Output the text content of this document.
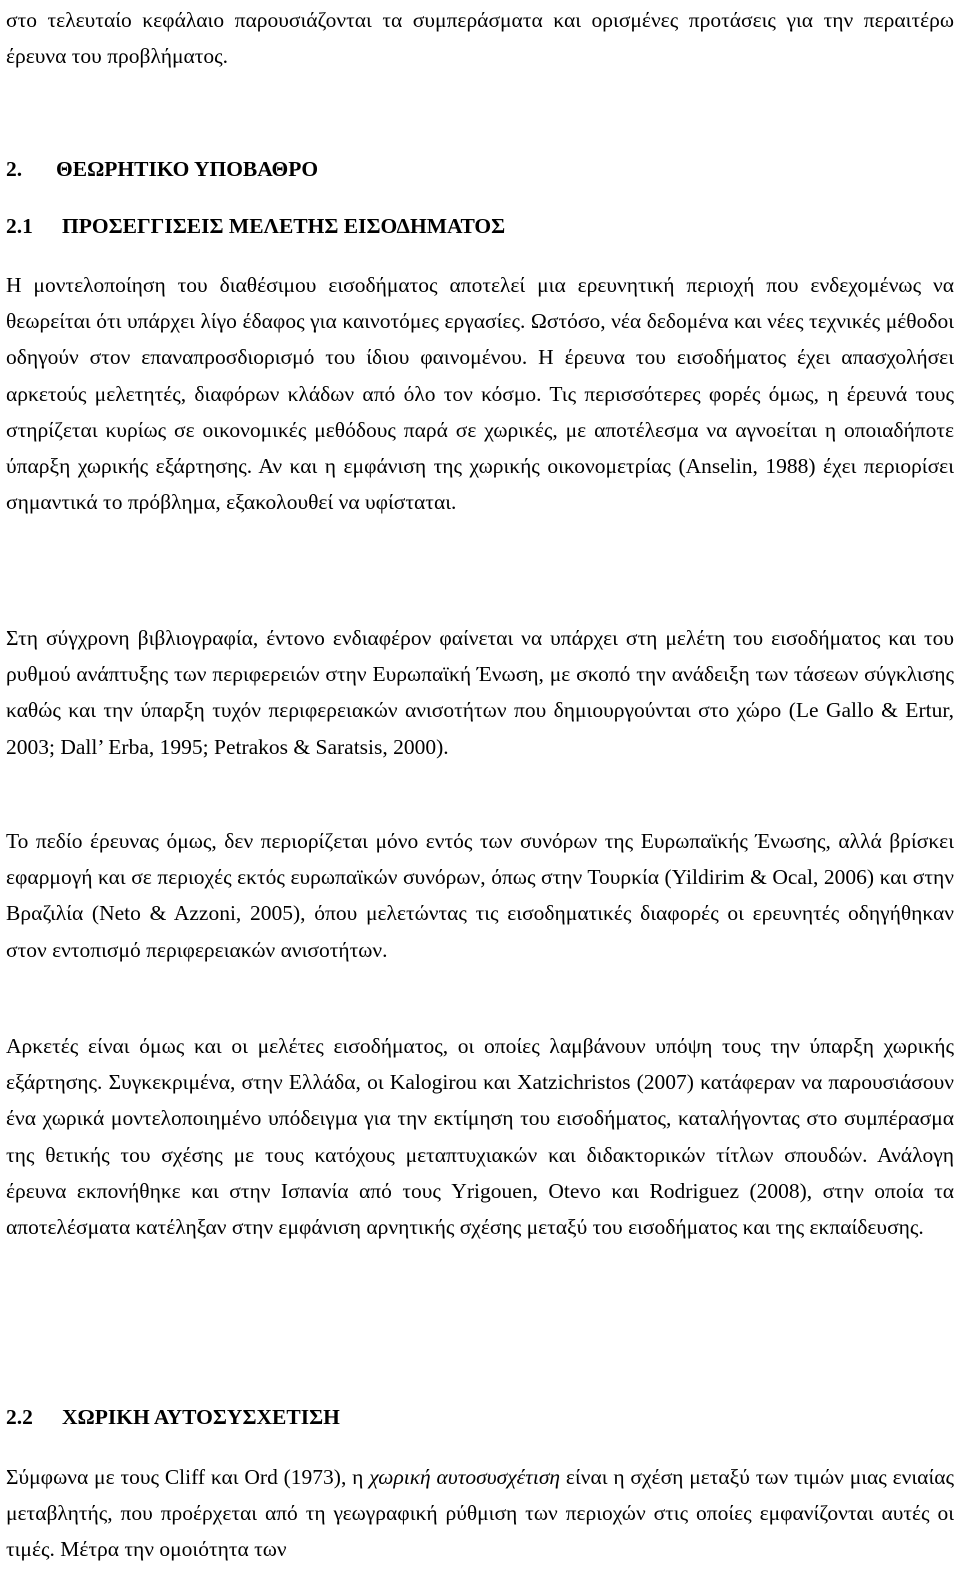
στο τελευταίο κεφάλαιο παρουσιάζονται τα συμπεράσματα και ορισμένες προτάσεις για την περαιτέρω έρευνα του προβλήματος.

2. ΘΕΩΡΗΤΙΚΟ ΥΠΟΒΑΘΡΟ
2.1 ΠΡΟΣΕΓΓΙΣΕΙΣ ΜΕΛΕΤΗΣ ΕΙΣΟΔΗΜΑΤΟΣ

Η μοντελοποίηση του διαθέσιμου εισοδήματος αποτελεί μια ερευνητική περιοχή που ενδεχομένως να θεωρείται ότι υπάρχει λίγο έδαφος για καινοτόμες εργασίες. Ωστόσο, νέα δεδομένα και νέες τεχνικές μέθοδοι οδηγούν στον επαναπροσδιορισμό του ίδιου φαινομένου. Η έρευνα του εισοδήματος έχει απασχολήσει αρκετούς μελετητές, διαφόρων κλάδων από όλο τον κόσμο. Τις περισσότερες φορές όμως, η έρευνά τους στηρίζεται κυρίως σε οικονομικές μεθόδους παρά σε χωρικές, με αποτέλεσμα να αγνοείται η οποιαδήποτε ύπαρξη χωρικής εξάρτησης. Αν και η εμφάνιση της χωρικής οικονομετρίας (Anselin, 1988) έχει περιορίσει σημαντικά το πρόβλημα, εξακολουθεί να υφίσταται.

Στη σύγχρονη βιβλιογραφία, έντονο ενδιαφέρον φαίνεται να υπάρχει στη μελέτη του εισοδήματος και του ρυθμού ανάπτυξης των περιφερειών στην Ευρωπαϊκή Ένωση, με σκοπό την ανάδειξη των τάσεων σύγκλισης καθώς και την ύπαρξη τυχόν περιφερειακών ανισοτήτων που δημιουργούνται στο χώρο (Le Gallo & Ertur, 2003; Dall’ Erba, 1995; Petrakos & Saratsis, 2000).

Το πεδίο έρευνας όμως, δεν περιορίζεται μόνο εντός των συνόρων της Ευρωπαϊκής Ένωσης, αλλά βρίσκει εφαρμογή και σε περιοχές εκτός ευρωπαϊκών συνόρων, όπως στην Τουρκία (Yildirim & Ocal, 2006) και στην Βραζιλία (Neto & Azzoni, 2005), όπου μελετώντας τις εισοδηματικές διαφορές οι ερευνητές οδηγήθηκαν στον εντοπισμό περιφερειακών ανισοτήτων.

Αρκετές είναι όμως και οι μελέτες εισοδήματος, οι οποίες λαμβάνουν υπόψη τους την ύπαρξη χωρικής εξάρτησης. Συγκεκριμένα, στην Ελλάδα, οι Kalogirou και Xatzichristos (2007) κατάφεραν να παρουσιάσουν ένα χωρικά μοντελοποιημένο υπόδειγμα για την εκτίμηση του εισοδήματος, καταλήγοντας στο συμπέρασμα της θετικής του σχέσης με τους κατόχους μεταπτυχιακών και διδακτορικών τίτλων σπουδών. Ανάλογη έρευνα εκπονήθηκε και στην Ισπανία από τους Yrigouen, Otevo και Rodriguez (2008), στην οποία τα αποτελέσματα κατέληξαν στην εμφάνιση αρνητικής σχέσης μεταξύ του εισοδήματος και της εκπαίδευσης.

2.2 ΧΩΡΙΚΗ ΑΥΤΟΣΥΣΧΕΤΙΣΗ

Σύμφωνα με τους Cliff και Ord (1973), η χωρική αυτοσυσχέτιση είναι η σχέση μεταξύ των τιμών μιας ενιαίας μεταβλητής, που προέρχεται από τη γεωγραφική ρύθμιση των περιοχών στις οποίες εμφανίζονται αυτές οι τιμές. Μέτρα την ομοιότητα των
